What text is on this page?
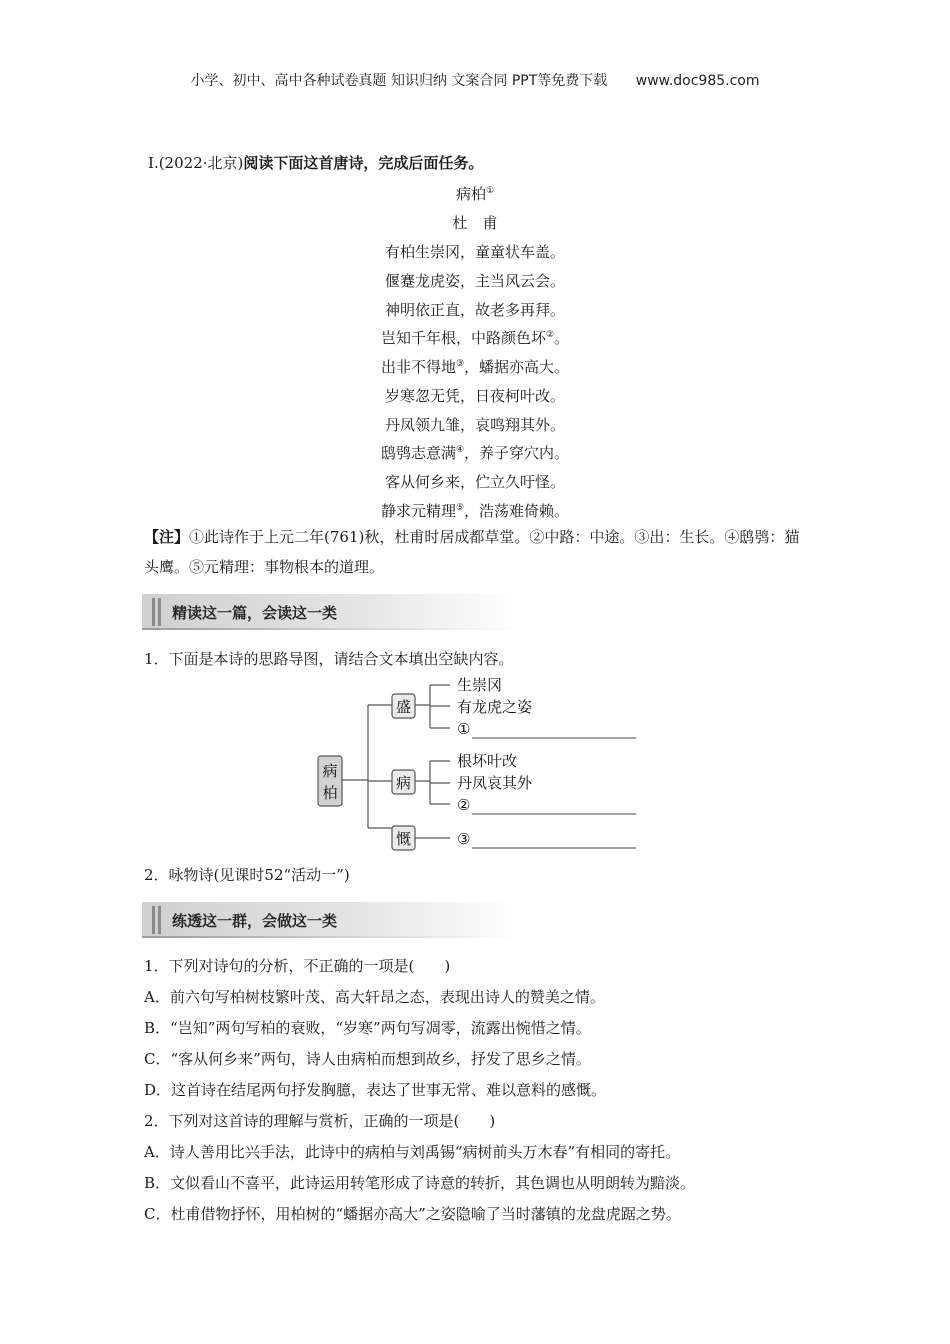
小学、初中、高中各种试卷真题 知识归纳 文案合同 PPT等免费下载 www.doc985.com
Ⅰ.(2022·北京)阅读下面这首唐诗，完成后面任务。
病柏①
杜　甫
有柏生崇冈，童童状车盖。
偃蹇龙虎姿，主当风云会。
神明依正直，故老多再拜。
岂知千年根，中路颜色坏②。
出非不得地③，蟠据亦高大。
岁寒忽无凭，日夜柯叶改。
丹凤领九雏，哀鸣翔其外。
鸱鸮志意满④，养子穿穴内。
客从何乡来，伫立久吁怪。
静求元精理⑤，浩荡难倚赖。
【注】①此诗作于上元二年(761)秋，杜甫时居成都草堂。②中路：中途。③出：生长。④鸱鸮：猫头鹰。⑤元精理：事物根本的道理。
精读这一篇，会读这一类
1．下面是本诗的思路导图，请结合文本填出空缺内容。
病
柏
盛
病
慨
生崇冈
有龙虎之姿
①
根坏叶改
丹凤哀其外
②
③
2．咏物诗(见课时52“活动一”)
练透这一群，会做这一类
1．下列对诗句的分析，不正确的一项是(　　)
A．前六句写柏树枝繁叶茂、高大轩昂之态，表现出诗人的赞美之情。
B．“岂知”两句写柏的衰败，“岁寒”两句写凋零，流露出惋惜之情。
C．“客从何乡来”两句，诗人由病柏而想到故乡，抒发了思乡之情。
D．这首诗在结尾两句抒发胸臆，表达了世事无常、难以意料的感慨。
2．下列对这首诗的理解与赏析，正确的一项是(　　)
A．诗人善用比兴手法，此诗中的病柏与刘禹锡“病树前头万木春”有相同的寄托。
B．文似看山不喜平，此诗运用转笔形成了诗意的转折，其色调也从明朗转为黯淡。
C．杜甫借物抒怀，用柏树的“蟠据亦高大”之姿隐喻了当时藩镇的龙盘虎踞之势。
